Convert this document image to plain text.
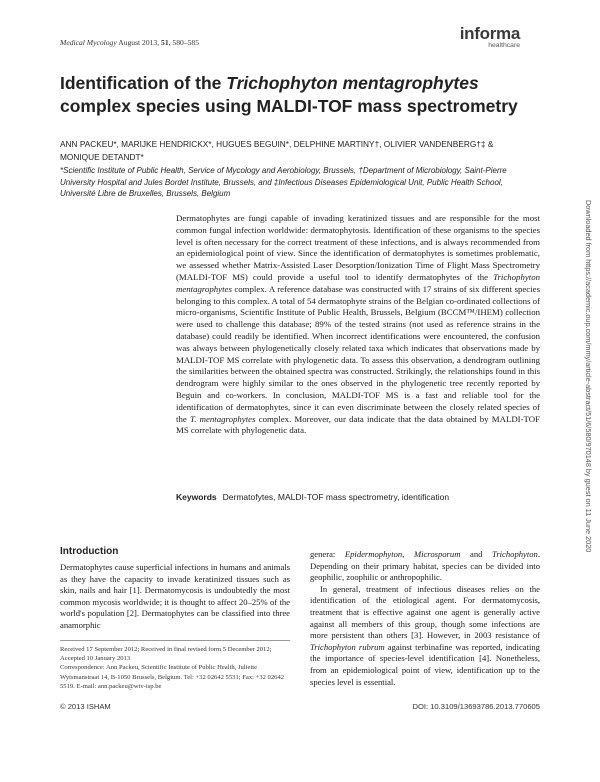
Medical Mycology August 2013, 51, 580–585	informa
healthcare
Identification of the Trichophyton mentagrophytes complex species using MALDI-TOF mass spectrometry
ANN PACKEU*, MARIJKE HENDRICKX*, HUGUES BEGUIN*, DELPHINE MARTINY†, OLIVIER VANDENBERG†‡ & MONIQUE DETANDT*
*Scientific Institute of Public Health, Service of Mycology and Aerobiology, Brussels, †Department of Microbiology, Saint-Pierre University Hospital and Jules Bordet Institute, Brussels, and ‡Infectious Diseases Epidemiological Unit, Public Health School, Université Libre de Bruxelles, Brussels, Belgium
Dermatophytes are fungi capable of invading keratinized tissues and are responsible for the most common fungal infection worldwide: dermatophytosis. Identification of these organisms to the species level is often necessary for the correct treatment of these infections, and is always recommended from an epidemiological point of view. Since the identification of dermatophytes is sometimes problematic, we assessed whether Matrix-Assisted Laser Desorption/Ionization Time of Flight Mass Spectrometry (MALDI-TOF MS) could provide a useful tool to identify dermatophytes of the Trichophyton mentagrophytes complex. A reference database was constructed with 17 strains of six different species belonging to this complex. A total of 54 dermatophyte strains of the Belgian co-ordinated collections of micro-organisms, Scientific Institute of Public Health, Brussels, Belgium (BCCM™/IHEM) collection were used to challenge this database; 89% of the tested strains (not used as reference strains in the database) could readily be identified. When incorrect identifications were encountered, the confusion was always between phylogenetically closely related taxa which indicates that observations made by MALDI-TOF MS correlate with phylogenetic data. To assess this observation, a dendrogram outlining the similarities between the obtained spectra was constructed. Strikingly, the relationships found in this dendrogram were highly similar to the ones observed in the phylogenetic tree recently reported by Beguin and co-workers. In conclusion, MALDI-TOF MS is a fast and reliable tool for the identification of dermatophytes, since it can even discriminate between the closely related species of the T. mentagrophytes complex. Moreover, our data indicate that the data obtained by MALDI-TOF MS correlate with phylogenetic data.
Keywords Dermatofytes, MALDI-TOF mass spectrometry, identification	Downloaded from https://academic.oup.com/mmy/article-abstract/51/6/580/970148 by guest on 11 June 2020
Introduction

Dermatophytes cause superficial infections in humans and animals as they have the capacity to invade keratinized tissues such as skin, nails and hair [1]. Dermatomycosis is undoubtedly the most common mycosis worldwide; it is thought to affect 20–25% of the world's population [2]. Dermatophytes can be classified into three anamorphic

genera: Epidermophyton, Microsporum and Trichophyton. Depending on their primary habitat, species can be divided into geophilic, zoophilic or anthropophilic.

In general, treatment of infectious diseases relies on the identification of the etiological agent. For dermatomycosis, treatment that is effective against one agent is generally active against all members of this group, though some infections are more persistent than others [3]. However, in 2003 resistance of Trichophyton rubrum against terbinafine was reported, indicating the importance of species-level identification [4]. Nonetheless, from an epidemiological point of view, identification up to the species level is essential.

Received 17 September 2012; Received in final revised form 5 December 2012; Accepted 10 January 2013

Correspondence: Ann Packeu, Scientific Institute of Public Health, Juliette Wytsmanstraat 14, B-1050 Brussels, Belgium. Tel: +32 02642 5531; Fax: +32 02642 5519. E-mail: ann.packeu@wiv-isp.be

© 2013 ISHAM	DOI: 10.3109/13693786.2013.770605
